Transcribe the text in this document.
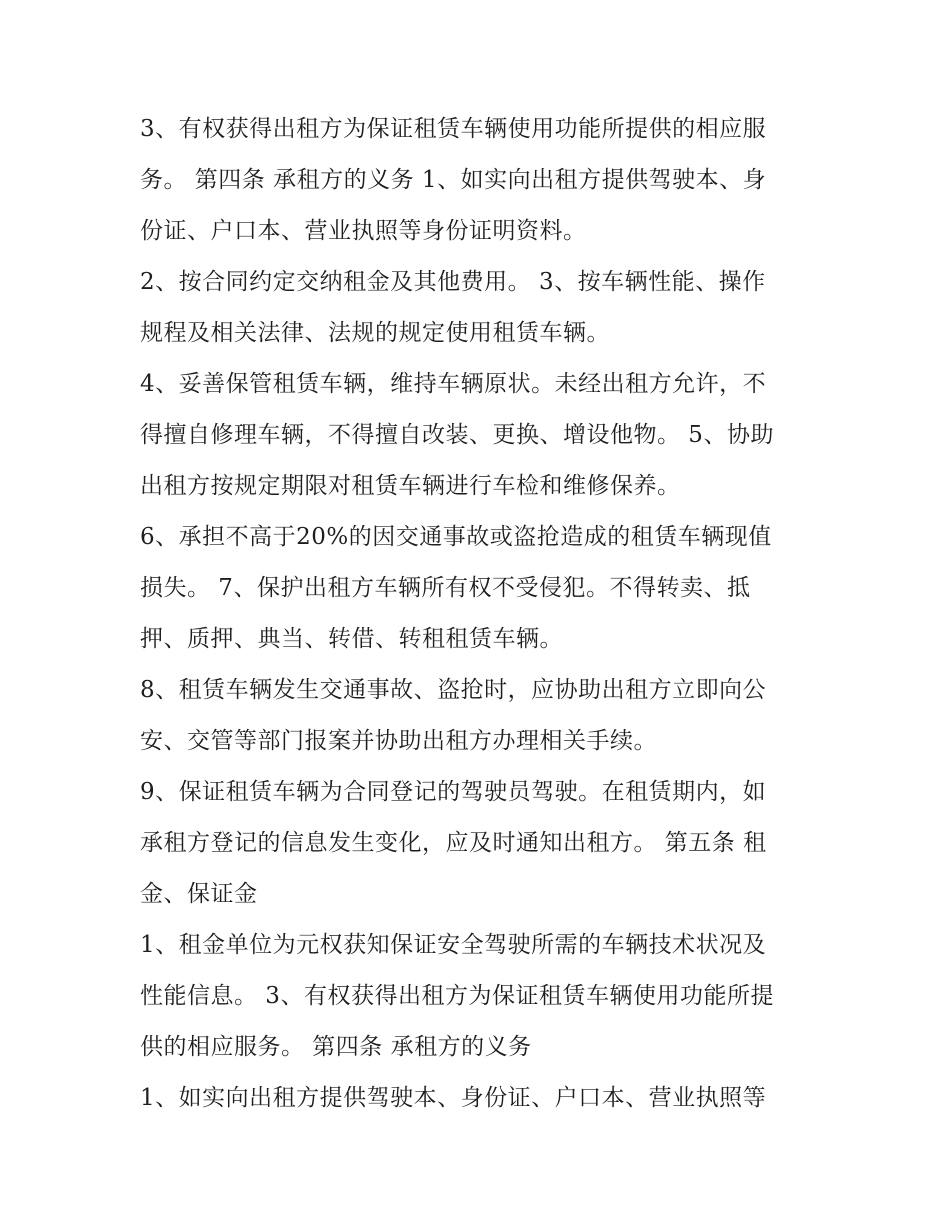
3、有权获得出租方为保证租赁车辆使用功能所提供的相应服
务。 第四条 承租方的义务 1、如实向出租方提供驾驶本、身
份证、户口本、营业执照等身份证明资料。

2、按合同约定交纳租金及其他费用。 3、按车辆性能、操作
规程及相关法律、法规的规定使用租赁车辆。

4、妥善保管租赁车辆，维持车辆原状。未经出租方允许，不
得擅自修理车辆，不得擅自改装、更换、增设他物。 5、协助
出租方按规定期限对租赁车辆进行车检和维修保养。

6、承担不高于20%的因交通事故或盗抢造成的租赁车辆现值
损失。 7、保护出租方车辆所有权不受侵犯。不得转卖、抵
押、质押、典当、转借、转租租赁车辆。

8、租赁车辆发生交通事故、盗抢时，应协助出租方立即向公
安、交管等部门报案并协助出租方办理相关手续。

9、保证租赁车辆为合同登记的驾驶员驾驶。在租赁期内，如
承租方登记的信息发生变化，应及时通知出租方。 第五条 租
金、保证金

1、租金单位为元权获知保证安全驾驶所需的车辆技术状况及
性能信息。 3、有权获得出租方为保证租赁车辆使用功能所提
供的相应服务。 第四条 承租方的义务

1、如实向出租方提供驾驶本、身份证、户口本、营业执照等
